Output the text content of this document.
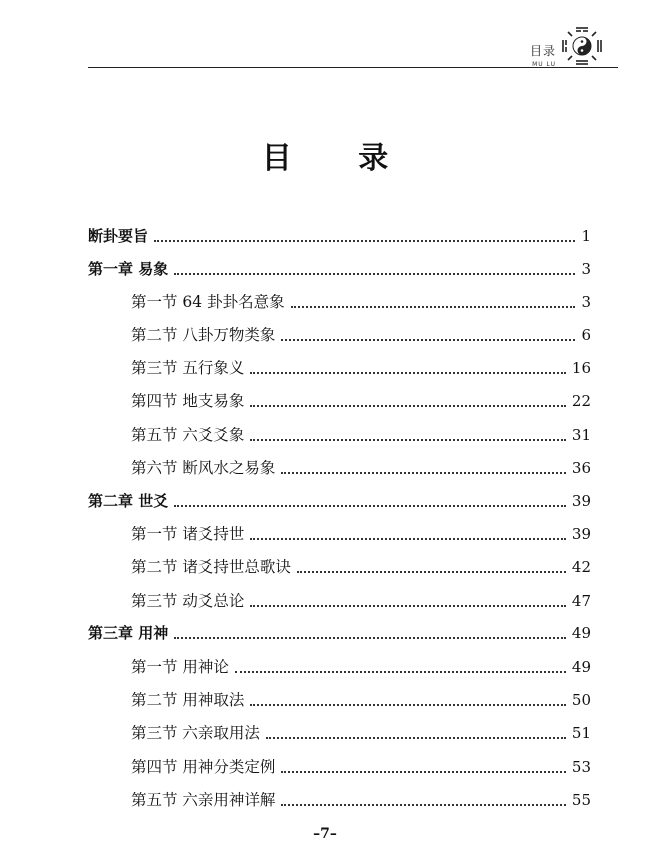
目录
MU LU
目 录
断卦要旨	1
第一章 易象	3
第一节 64 卦卦名意象	3
第二节 八卦万物类象	6
第三节 五行象义	16
第四节 地支易象	22
第五节 六爻爻象	31
第六节 断风水之易象	36
第二章 世爻	39
第一节 诸爻持世	39
第二节 诸爻持世总歌诀	42
第三节 动爻总论	47
第三章 用神	49
第一节 用神论	49
第二节 用神取法	50
第三节 六亲取用法	51
第四节 用神分类定例	53
第五节 六亲用神详解	55
–7–
